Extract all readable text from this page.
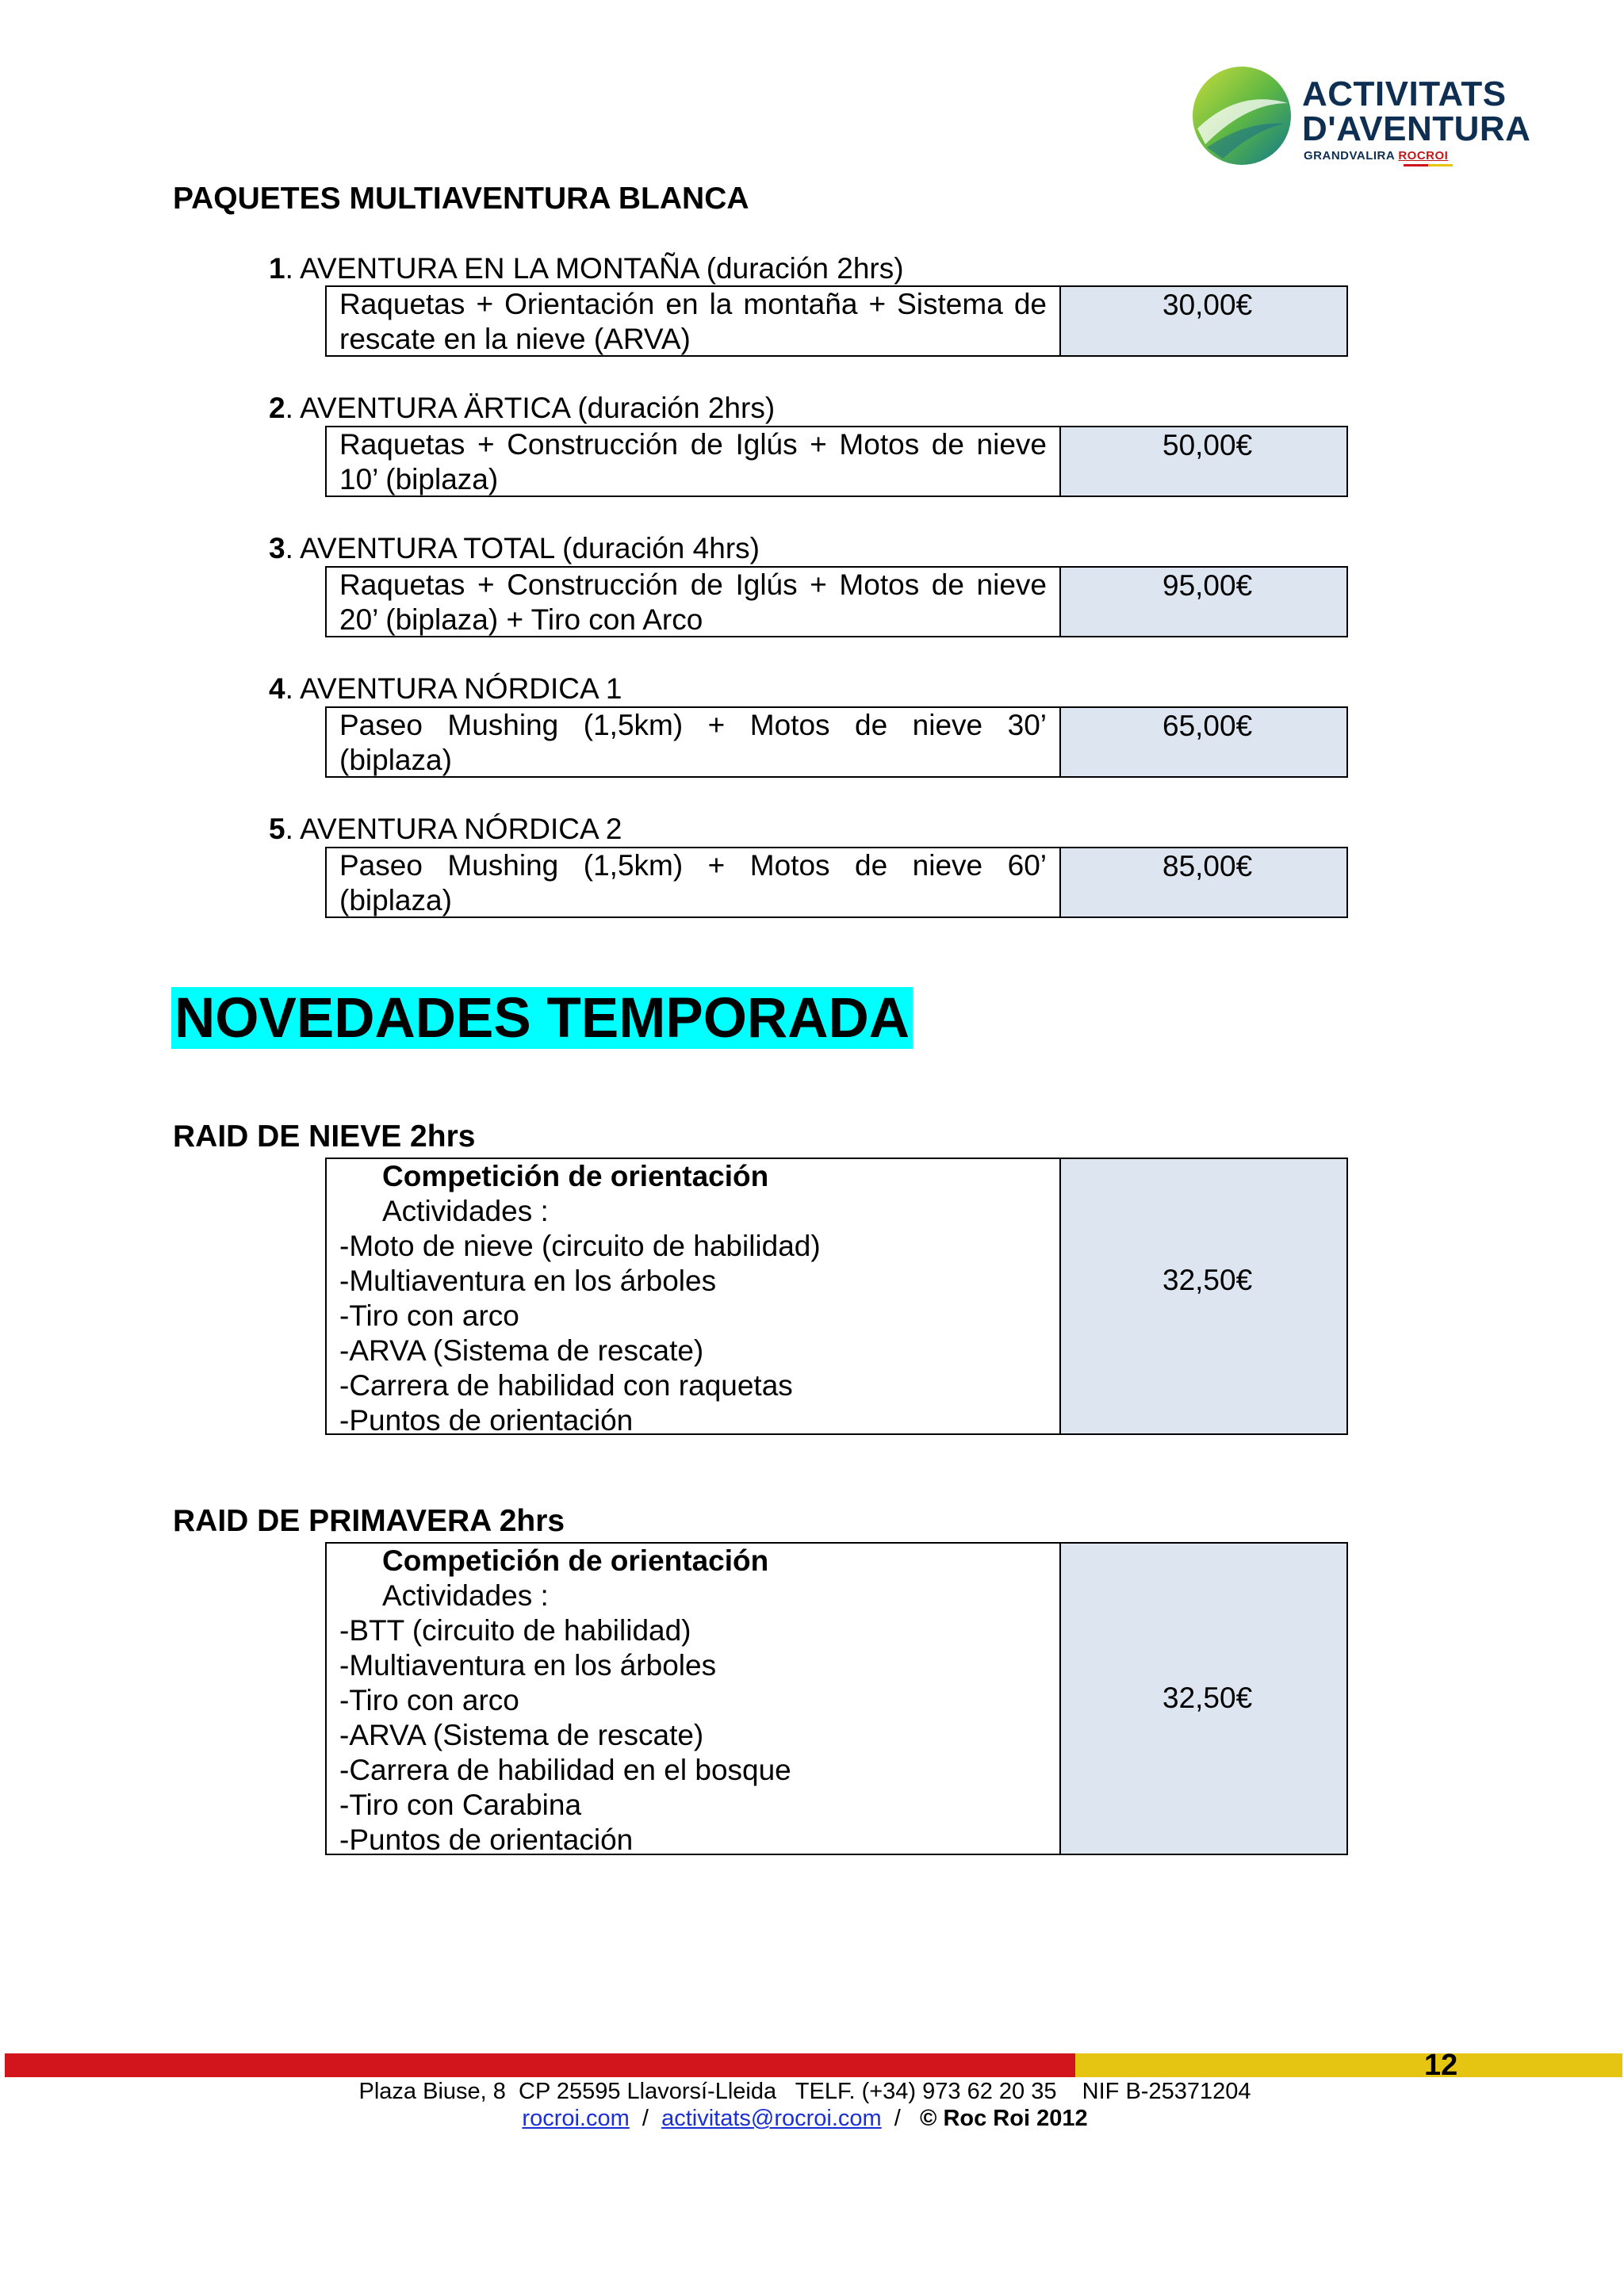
ACTIVITATS
D'AVENTURA
GRANDVALIRA ROCROI
PAQUETES MULTIAVENTURA BLANCA
1. AVENTURA EN LA MONTAÑA (duración 2hrs)
Raquetas + Orientación en la montaña + Sistema de
rescate en la nieve (ARVA)
30,00€
2. AVENTURA ÄRTICA (duración 2hrs)
Raquetas + Construcción de Iglús + Motos de nieve
10’ (biplaza)
50,00€
3. AVENTURA TOTAL (duración 4hrs)
Raquetas + Construcción de Iglús + Motos de nieve
20’ (biplaza) + Tiro con Arco
95,00€
4. AVENTURA NÓRDICA 1
Paseo Mushing (1,5km) + Motos de nieve 30’
(biplaza)
65,00€
5. AVENTURA NÓRDICA 2
Paseo Mushing (1,5km) + Motos de nieve 60’
(biplaza)
85,00€
NOVEDADES TEMPORADA
RAID DE NIEVE 2hrs
Competición de orientación
Actividades :
-Moto de nieve (circuito de habilidad)
-Multiaventura en los árboles
-Tiro con arco
-ARVA (Sistema de rescate)
-Carrera de habilidad con raquetas
-Puntos de orientación
32,50€
RAID DE PRIMAVERA 2hrs
Competición de orientación
Actividades :
-BTT (circuito de habilidad)
-Multiaventura en los árboles
-Tiro con arco
-ARVA (Sistema de rescate)
-Carrera de habilidad en el bosque
-Tiro con Carabina
-Puntos de orientación
32,50€
12
Plaza Biuse, 8  CP 25595 Llavorsí-Lleida   TELF. (+34) 973 62 20 35    NIF B-25371204
rocroi.com  /  activitats@rocroi.com  /   © Roc Roi 2012
